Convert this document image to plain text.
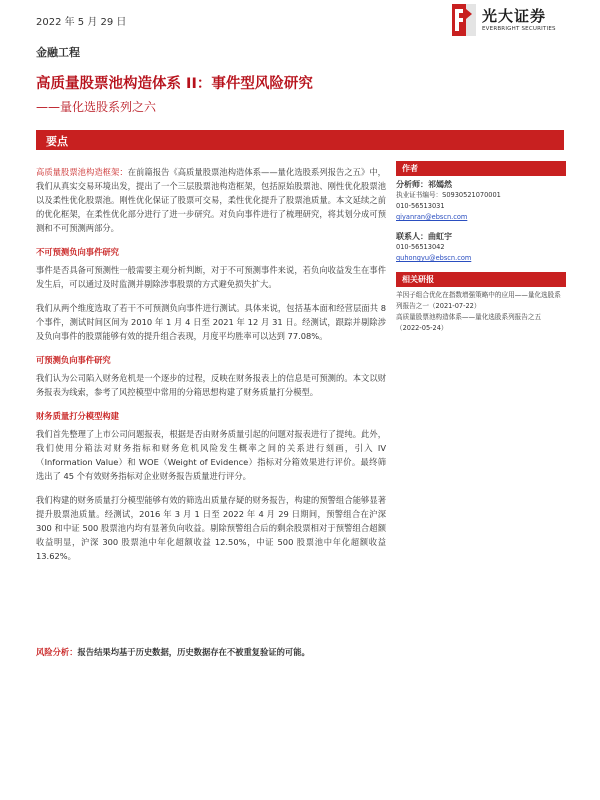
2022 年 5 月 29 日	光大证券
EVERBRIGHT SECURITIES
金融工程
高质量股票池构造体系 II：事件型风险研究
——量化选股系列之六
要点

高质量股票池构造框架：在前篇报告《高质量股票池构造体系——量化选股系列报告之五》中，我们从真实交易环境出发，提出了一个三层股票池构造框架，包括原始股票池、刚性优化股票池以及柔性优化股票池。刚性优化保证了股票可交易，柔性优化提升了股票池质量。本文延续之前的优化框架，在柔性优化部分进行了进一步研究。对负向事件进行了梳理研究，将其划分成可预测和不可预测两部分。

不可预测负向事件研究

事件是否具备可预测性一般需要主观分析判断，对于不可预测事件来说，若负向收益发生在事件发生后，可以通过及时监测并剔除涉事股票的方式避免损失扩大。

我们从两个维度选取了若干不可预测负向事件进行测试。具体来说，包括基本面和经营层面共 8 个事件，测试时间区间为 2010 年 1 月 4 日至 2021 年 12 月 31 日。经测试，跟踪并剔除涉及负向事件的股票能够有效的提升组合表现，月度平均胜率可以达到 77.08%。

可预测负向事件研究

我们认为公司陷入财务危机是一个逐步的过程，反映在财务报表上的信息是可预测的。本文以财务报表为线索，参考了风控模型中常用的分箱思想构建了财务质量打分模型。

财务质量打分模型构建

我们首先整理了上市公司问题报表，根据是否由财务质量引起的问题对报表进行了提纯。此外，我们使用分箱法对财务指标和财务危机风险发生概率之间的关系进行刻画，引入 IV（Information Value）和 WOE（Weight of Evidence）指标对分箱效果进行评价。最终筛选出了 45 个有效财务指标对企业财务报告质量进行评分。

我们构建的财务质量打分模型能够有效的筛选出质量存疑的财务报告，构建的预警组合能够显著提升股票池质量。经测试，2016 年 3 月 1 日至 2022 年 4 月 29 日期间，预警组合在沪深 300 和中证 500 股票池内均有显著负向收益。剔除预警组合后的剩余股票相对于预警组合超额收益明显，沪深 300 股票池中年化超额收益 12.50%，中证 500 股票池中年化超额收益 13.62%。

风险分析：报告结果均基于历史数据，历史数据存在不被重复验证的可能。
作者
分析师：祁嫣然
执业证书编号：S0930521070001
010-56513031
qiyanran@ebscn.com
联系人：曲虹宇
010-56513042
quhongyu@ebscn.com
相关研报
羊因子组合优化在指数增强策略中的应用——量化选股系列报告之一（2021-07-22）
高质量股票池构造体系——量化选股系列报告之五（2022-05-24）
